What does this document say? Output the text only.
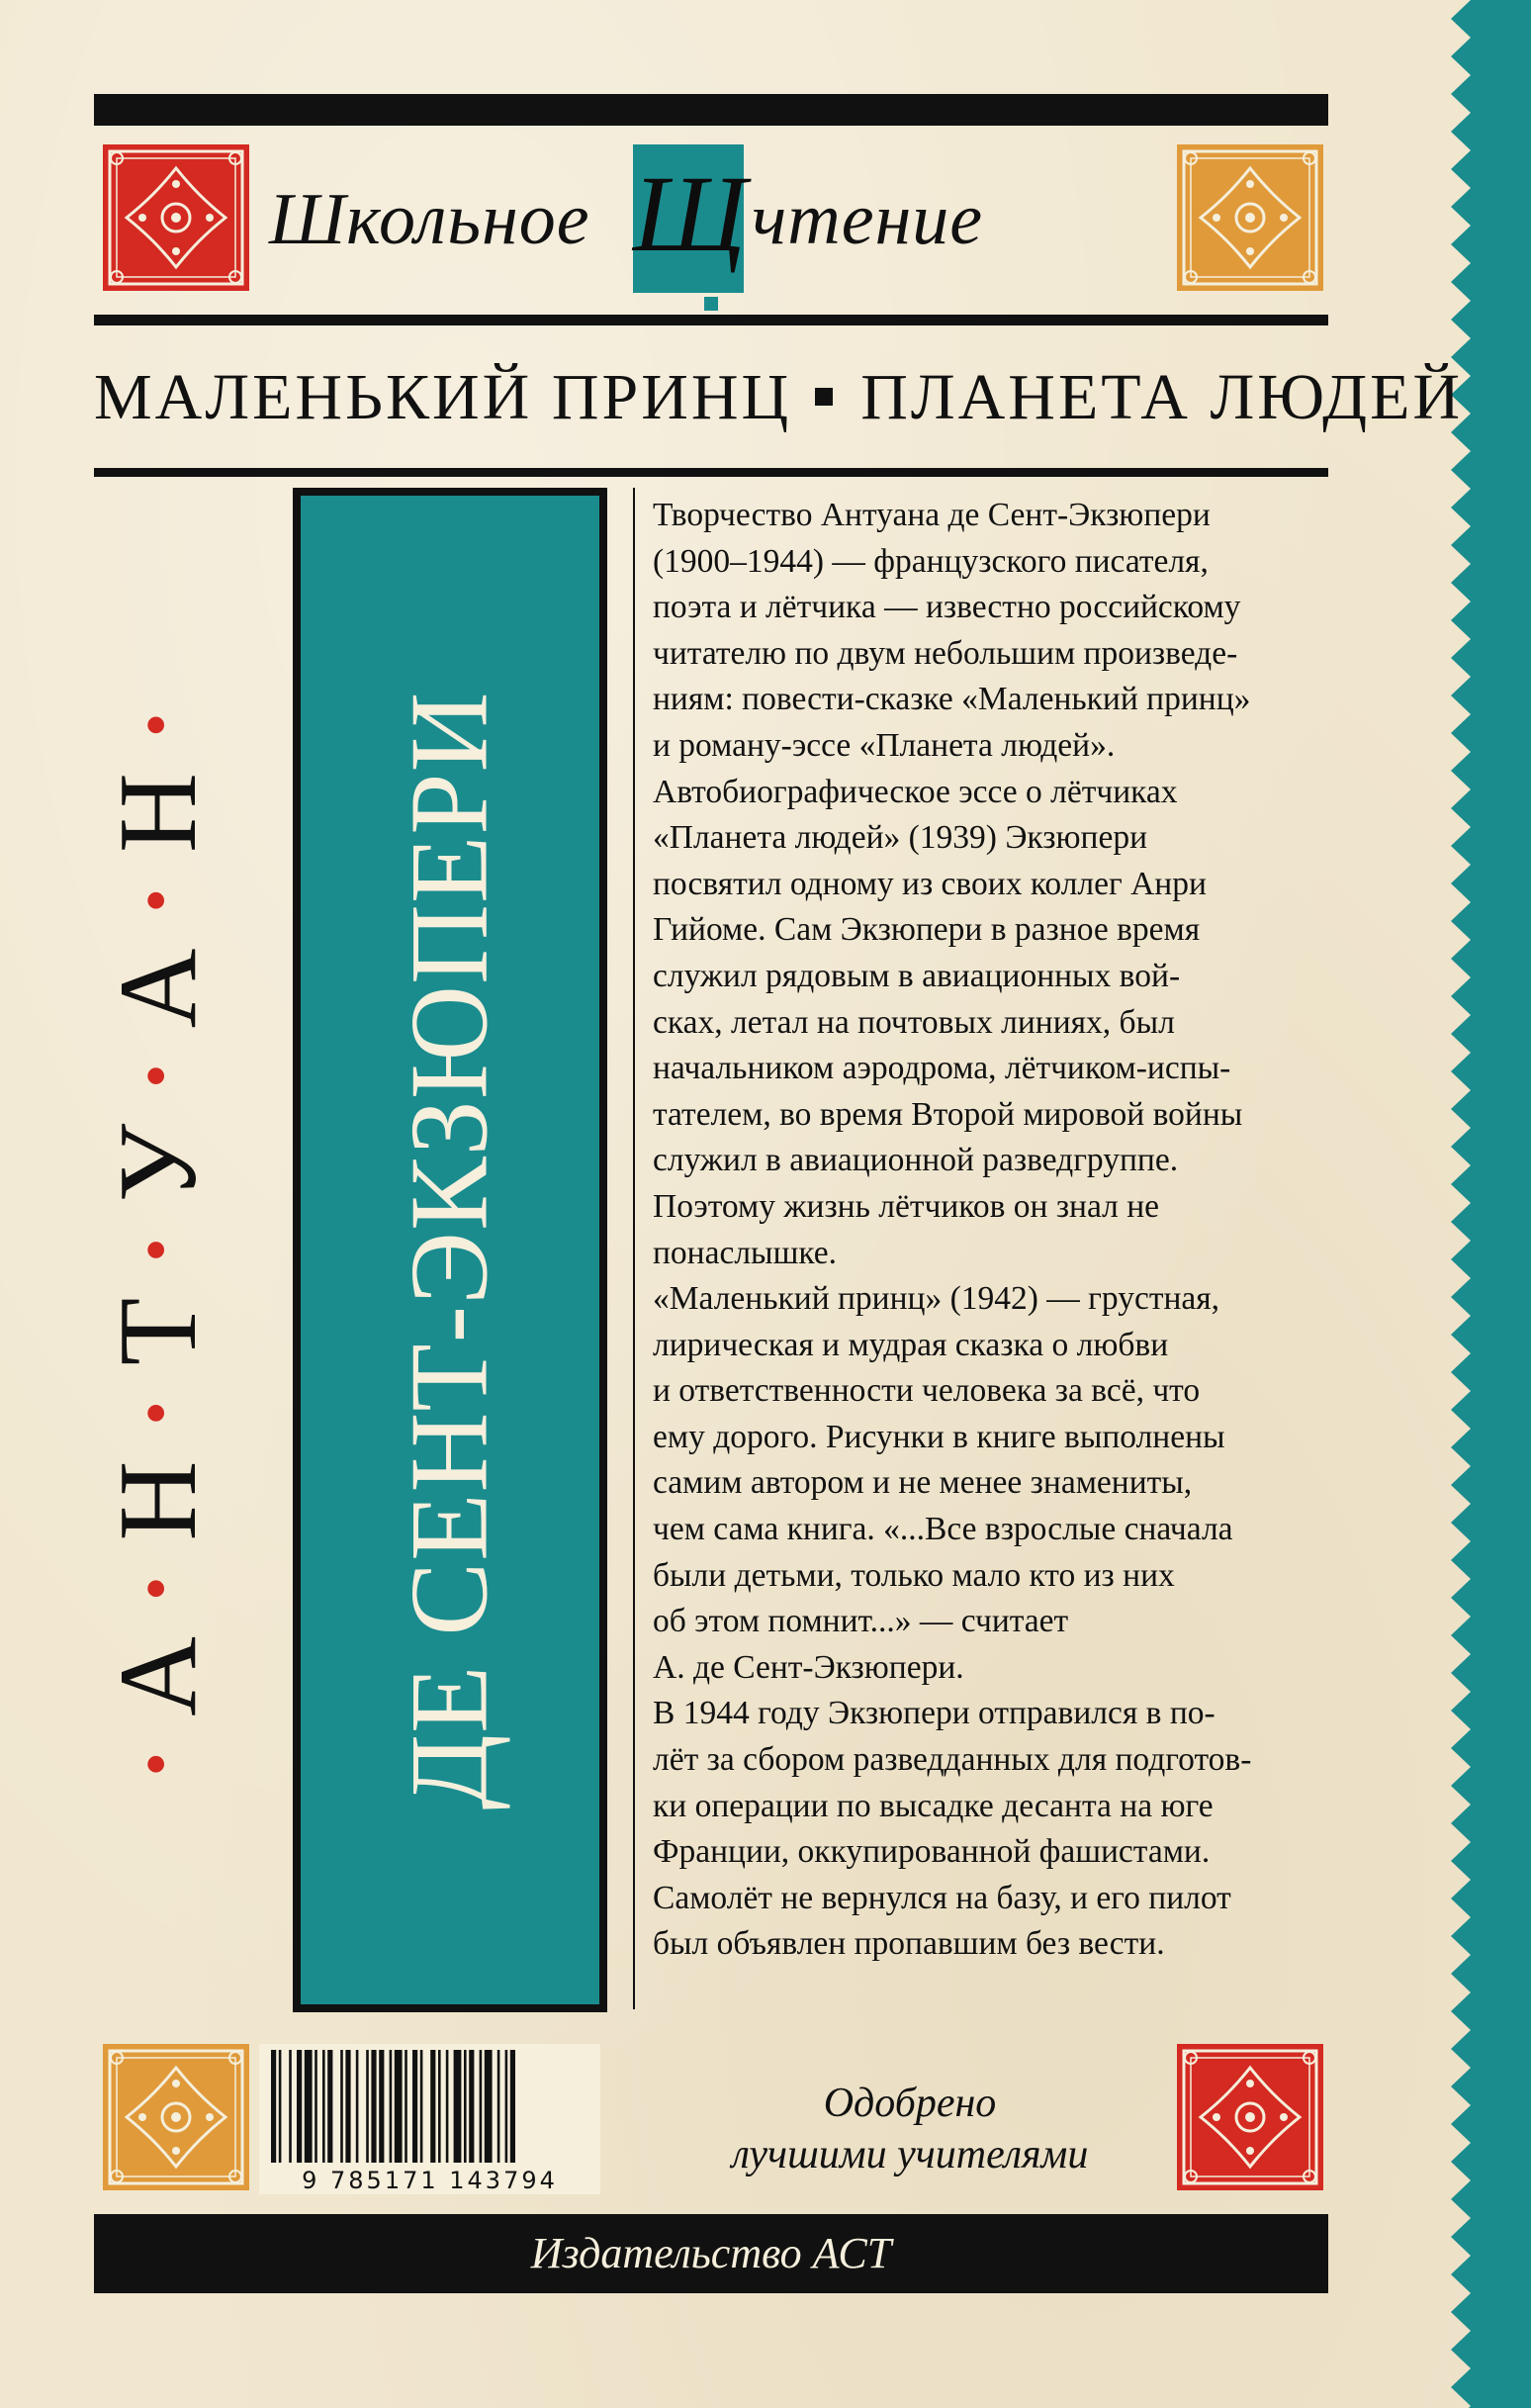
Школьное Щ чтение
МАЛЕНЬКИЙ ПРИНЦ ПЛАНЕТА ЛЮДЕЙ
•А•Н•Т•У•А•Н• ДЕ СЕНТ-ЭКЗЮПЕРИ

Творчество Антуана де Сент-Экзюпери

(1900–1944) — французского писателя,

поэта и лётчика — известно российскому

читателю по двум небольшим произведе-

ниям: повести-сказке «Маленький принц»

и роману-эссе «Планета людей».

Автобиографическое эссе о лётчиках

«Планета людей» (1939) Экзюпери

посвятил одному из своих коллег Анри

Гийоме. Сам Экзюпери в разное время

служил рядовым в авиационных вой-

сках, летал на почтовых линиях, был

начальником аэродрома, лётчиком-испы-

тателем, во время Второй мировой войны

служил в авиационной разведгруппе.

Поэтому жизнь лётчиков он знал не

понаслышке.

«Маленький принц» (1942) — грустная,

лирическая и мудрая сказка о любви

и ответственности человека за всё, что

ему дорого. Рисунки в книге выполнены

самим автором и не менее знамениты,

чем сама книга. «...Все взрослые сначала

были детьми, только мало кто из них

об этом помнит...» — считает

А. де Сент-Экзюпери.

В 1944 году Экзюпери отправился в по-

лёт за сбором разведданных для подготов-

ки операции по высадке десанта на юге

Франции, оккупированной фашистами.

Самолёт не вернулся на базу, и его пилот

был объявлен пропавшим без вести.

9 785171 143794
Одобрено
лучшими учителями
Издательство АСТ
